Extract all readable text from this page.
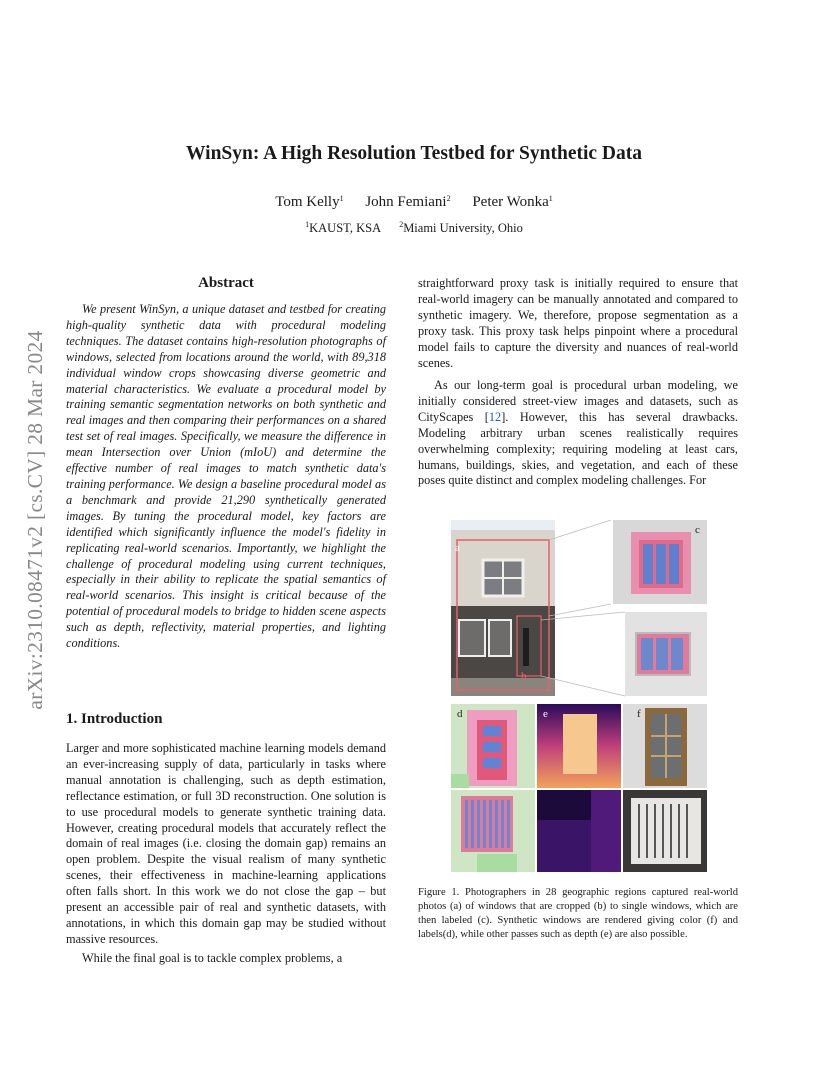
WinSyn: A High Resolution Testbed for Synthetic Data
Tom Kelly$^1$ John Femiani$^2$ Peter Wonka$^1$
$^1$KAUST, KSA $^2$Miami University, Ohio
arXiv:2310.08471v2 [cs.CV] 28 Mar 2024
Abstract
We present WinSyn, a unique dataset and testbed for creating high-quality synthetic data with procedural modeling techniques. The dataset contains high-resolution photographs of windows, selected from locations around the world, with 89,318 individual window crops showcasing diverse geometric and material characteristics. We evaluate a procedural model by training semantic segmentation networks on both synthetic and real images and then comparing their performances on a shared test set of real images. Specifically, we measure the difference in mean Intersection over Union (mIoU) and determine the effective number of real images to match synthetic data's training performance. We design a baseline procedural model as a benchmark and provide 21,290 synthetically generated images. By tuning the procedural model, key factors are identified which significantly influence the model's fidelity in replicating real-world scenarios. Importantly, we highlight the challenge of procedural modeling using current techniques, especially in their ability to replicate the spatial semantics of real-world scenarios. This insight is critical because of the potential of procedural models to bridge to hidden scene aspects such as depth, reflectivity, material properties, and lighting conditions.
1. Introduction
Larger and more sophisticated machine learning models demand an ever-increasing supply of data, particularly in tasks where manual annotation is challenging, such as depth estimation, reflectance estimation, or full 3D reconstruction. One solution is to use procedural models to generate synthetic training data. However, creating procedural models that accurately reflect the domain of real images (i.e. closing the domain gap) remains an open problem. Despite the visual realism of many synthetic scenes, their effectiveness in machine-learning applications often falls short. In this work we do not close the gap – but present an accessible pair of real and synthetic datasets, with annotations, in which this domain gap may be studied without massive resources.
While the final goal is to tackle complex problems, a
straightforward proxy task is initially required to ensure that real-world imagery can be manually annotated and compared to synthetic imagery. We, therefore, propose segmentation as a proxy task. This proxy task helps pinpoint where a procedural model fails to capture the diversity and nuances of real-world scenes.
As our long-term goal is procedural urban modeling, we initially considered street-view images and datasets, such as CityScapes [12]. However, this has several drawbacks. Modeling arbitrary urban scenes realistically requires overwhelming complexity; requiring modeling at least cars, humans, buildings, skies, and vegetation, and each of these poses quite distinct and complex modeling challenges. For
a
b
c
d	e	f
Figure 1. Photographers in 28 geographic regions captured real-world photos (a) of windows that are cropped (b) to single windows, which are then labeled (c). Synthetic windows are rendered giving color (f) and labels(d), while other passes such as depth (e) are also possible.
